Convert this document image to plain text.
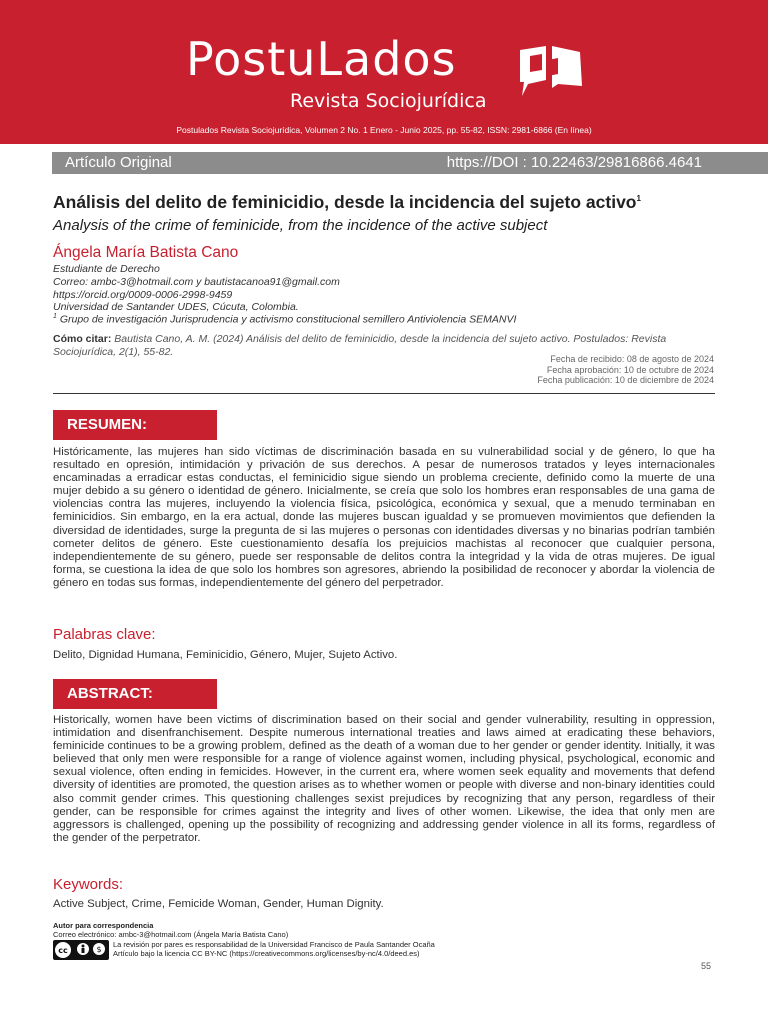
PostuLados
Revista Sociojurídica
Postulados Revista Sociojurídica, Volumen 2 No. 1 Enero - Junio 2025, pp. 55-82, ISSN: 2981-6866 (En línea)
Artículo Original	https://DOI : 10.22463/29816866.4641
Análisis del delito de feminicidio, desde la incidencia del sujeto activo$^1$
Analysis of the crime of feminicide, from the incidence of the active subject
Ángela María Batista Cano
Estudiante de Derecho
Correo: ambc-3@hotmail.com y bautistacanoa91@gmail.com
https://orcid.org/0009-0006-2998-9459
Universidad de Santander UDES, Cúcuta, Colombia.
$^1$ Grupo de investigación Jurisprudencia y activismo constitucional semillero Antiviolencia SEMANVI
Cómo citar: Bautista Cano, A. M. (2024) Análisis del delito de feminicidio, desde la incidencia del sujeto activo. Postulados: Revista Sociojurídica, 2(1), 55-82.
Fecha de recibido: 08 de agosto de 2024
Fecha aprobación: 10 de octubre de 2024
Fecha publicación: 10 de diciembre de 2024
RESUMEN:
Históricamente, las mujeres han sido víctimas de discriminación basada en su vulnerabilidad social y de género, lo que ha resultado en opresión, intimidación y privación de sus derechos. A pesar de numerosos tratados y leyes internacionales encaminadas a erradicar estas conductas, el feminicidio sigue siendo un problema creciente, definido como la muerte de una mujer debido a su género o identidad de género. Inicialmente, se creía que solo los hombres eran responsables de una gama de violencias contra las mujeres, incluyendo la violencia física, psicológica, económica y sexual, que a menudo terminaban en feminicidios. Sin embargo, en la era actual, donde las mujeres buscan igualdad y se promueven movimientos que defienden la diversidad de identidades, surge la pregunta de si las mujeres o personas con identidades diversas y no binarias podrían también cometer delitos de género. Este cuestionamiento desafía los prejuicios machistas al reconocer que cualquier persona, independientemente de su género, puede ser responsable de delitos contra la integridad y la vida de otras mujeres. De igual forma, se cuestiona la idea de que solo los hombres son agresores, abriendo la posibilidad de reconocer y abordar la violencia de género en todas sus formas, independientemente del género del perpetrador.
Palabras clave:
Delito, Dignidad Humana, Feminicidio, Género, Mujer, Sujeto Activo.
ABSTRACT:
Historically, women have been victims of discrimination based on their social and gender vulnerability, resulting in oppression, intimidation and disenfranchisement. Despite numerous international treaties and laws aimed at eradicating these behaviors, feminicide continues to be a growing problem, defined as the death of a woman due to her gender or gender identity. Initially, it was believed that only men were responsible for a range of violence against women, including physical, psychological, economic and sexual violence, often ending in femicides. However, in the current era, where women seek equality and movements that defend diversity of identities are promoted, the question arises as to whether women or people with diverse and non-binary identities could also commit gender crimes. This questioning challenges sexist prejudices by recognizing that any person, regardless of their gender, can be responsible for crimes against the integrity and lives of other women. Likewise, the idea that only men are aggressors is challenged, opening up the possibility of recognizing and addressing gender violence in all its forms, regardless of the gender of the perpetrator.
Keywords:
Active Subject, Crime, Femicide Woman, Gender, Human Dignity.
Autor para correspondencia
Correo electrónico: ambc-3@hotmail.com (Ángela María Batista Cano)
cc	$
La revisión por pares es responsabilidad de la Universidad Francisco de Paula Santander Ocaña
Artículo bajo la licencia CC BY-NC (https://creativecommons.org/licenses/by-nc/4.0/deed.es)
55
